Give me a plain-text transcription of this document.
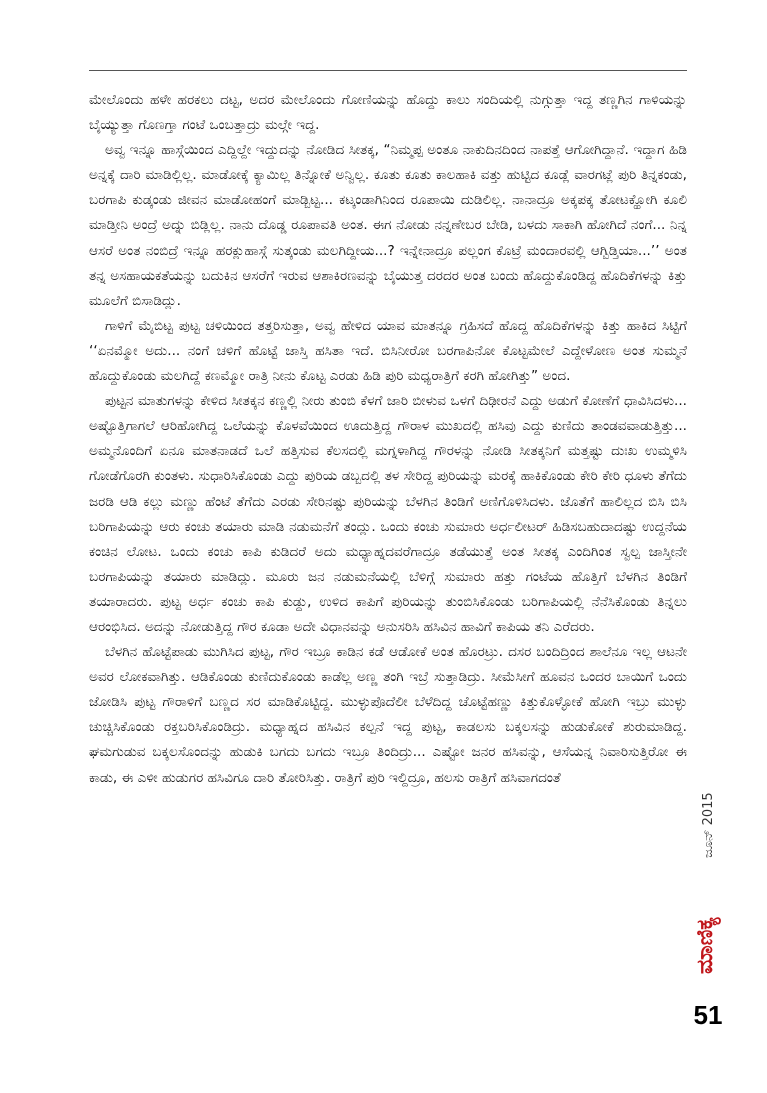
ಮೇಲೊಂದು ಹಳೇ ಹರಕಲು ದಟ್ಟ, ಅದರ ಮೇಲೊಂದು ಗೋಣಿಯನ್ನು ಹೊದ್ದು ಕಾಲು ಸಂದಿಯಲ್ಲಿ ನುಗ್ಗುತ್ತಾ ಇದ್ದ ತಣ್ಣಗಿನ ಗಾಳಿಯನ್ನು ಬೈಯ್ಯುತ್ತಾ ಗೊಣಗ್ತಾ ಗಂಟೆ ಒಂಬತ್ತಾದ್ರು ಮಲ್ಗೇ ಇದ್ದ.

ಅವ್ವ ಇನ್ನೂ ಹಾಸ್ಗೆಯಿಂದ ಎದ್ದಿಲ್ದೇ ಇದ್ದುದನ್ನು ನೋಡಿದ ಸೀತಕ್ಕ, “ನಿಮ್ಮಪ್ಪ ಅಂತೂ ನಾಕುದಿನದಿಂದ ನಾಪತ್ತೆ ಆಗೋಗಿದ್ದಾನೆ. ಇದ್ದಾಗ ಹಿಡಿ ಅನ್ನಕ್ಕೆ ದಾರಿ ಮಾಡಿಲ್ಲಿಲ್ಲ. ಮಾಡೋಕ್ಕೆ ಕ್ಯಾಮಿಲ್ಲ ತಿನ್ನೋಕೆ ಅನ್ವಿಲ್ಲ. ಕೂತು ಕೂತು ಕಾಲಹಾಕಿ ವತ್ತು ಹುಟ್ಟಿದ ಕೂಡ್ಲೆ ವಾರಗಟ್ಲೆ ಪುರಿ ತಿನ್ನಕಂಡು, ಬರಗಾಪಿ ಕುಡ್ಕಂಡು ಜೀವನ ಮಾಡೋಹಂಗೆ ಮಾಡ್ಬಿಟ್ಟ... ಕಟ್ಕಂಡಾಗಿನಿಂದ ರೂಪಾಯಿ ದುಡಿಲಿಲ್ಲ. ನಾನಾದ್ರೂ ಅಕ್ಕಪಕ್ಕ ತೋಟಕ್ಹೋಗಿ ಕೂಲಿ ಮಾಡ್ತೀನಿ ಅಂದ್ರೆ ಅದ್ನು ಬಿಡ್ಲಿಲ್ಲ. ನಾನು ದೊಡ್ಡ ರೂಪಾವತಿ ಅಂತ. ಈಗ ನೋಡು ನನ್ನಣೇಬರ ಬೇಡಿ, ಬಳದು ಸಾಕಾಗಿ ಹೋಗಿದೆ ನಂಗೆ... ನಿನ್ನ ಆಸರೆ ಅಂತ ನಂಬಿದ್ರೆ ಇನ್ನೂ ಹರಕ್ಲುಹಾಸ್ಗೆ ಸುತ್ಕಂಡು ಮಲಗಿದ್ದೀಯ...? ಇನ್ನೇನಾದ್ರೂ ಪಲ್ಲಂಗ ಕೊಟ್ರೆ ಮಂದಾರವಲ್ಲಿ ಆಗ್ಬಿಡ್ತಿಯಾ...’’ ಅಂತ ತನ್ನ ಅಸಹಾಯಕತೆಯನ್ನು ಬದುಕಿನ ಆಸರೆಗೆ ಇರುವ ಆಶಾಕಿರಣವನ್ನು ಬೈಯುತ್ತ ದರದರ ಅಂತ ಬಂದು ಹೊದ್ದುಕೊಂಡಿದ್ದ ಹೊದಿಕೆಗಳನ್ನು ಕಿತ್ತು ಮೂಲೆಗೆ ಬಿಸಾಡಿದ್ಲು.

ಗಾಳಿಗೆ ಮೈಬಿಟ್ಟ ಪುಟ್ಟ ಚಳಿಯಿಂದ ತತ್ತರಿಸುತ್ತಾ, ಅವ್ವ ಹೇಳಿದ ಯಾವ ಮಾತನ್ನೂ ಗ್ರಹಿಸದೆ ಹೊದ್ದ ಹೊದಿಕೆಗಳನ್ನು ಕಿತ್ತು ಹಾಕಿದ ಸಿಟ್ಟಿಗೆ ‘‘ಏನಮ್ಮೋ ಅದು... ನಂಗೆ ಚಳಿಗೆ ಹೊಟ್ಟೆ ಜಾಸ್ತಿ ಹಸಿತಾ ಇದೆ. ಬಿಸಿನೀರೋ ಬರಗಾಪಿನೋ ಕೊಟ್ಟಮೇಲೆ ಎದ್ದೇಳೋಣ ಅಂತ ಸುಮ್ಮನೆ ಹೊದ್ದುಕೊಂಡು ಮಲಗಿದ್ದೆ ಕಣಮ್ಮೋ ರಾತ್ರಿ ನೀನು ಕೊಟ್ಟ ಎರಡು ಹಿಡಿ ಪುರಿ ಮಧ್ಯರಾತ್ರಿಗೆ ಕರಗಿ ಹೋಗಿತ್ತು” ಅಂದ.

ಪುಟ್ಟನ ಮಾತುಗಳನ್ನು ಕೇಳಿದ ಸೀತಕ್ಕನ ಕಣ್ಣಲ್ಲಿ ನೀರು ತುಂಬಿ ಕೆಳಗೆ ಜಾರಿ ಬೀಳುವ ಒಳಗೆ ದಿಢೀರನೆ ಎದ್ದು ಅಡುಗೆ ಕೋಣೆಗೆ ಧಾವಿಸಿದಳು... ಅಷ್ಟೊತ್ತಿಗಾಗಲೆ ಆರಿಹೋಗಿದ್ದ ಒಲೆಯನ್ನು ಕೊಳವೆಯಿಂದ ಊದುತ್ತಿದ್ದ ಗೌರಾಳ ಮುಖದಲ್ಲಿ ಹಸಿವು ಎದ್ದು ಕುಣಿದು ತಾಂಡವವಾಡುತ್ತಿತ್ತು... ಅಮ್ಮನೊಂದಿಗೆ ಏನೂ ಮಾತನಾಡದೆ ಒಲೆ ಹತ್ತಿಸುವ ಕೆಲಸದಲ್ಲಿ ಮಗ್ನಳಾಗಿದ್ದ ಗೌರಳನ್ನು ನೋಡಿ ಸೀತಕ್ಕನಿಗೆ ಮತ್ತಷ್ಟು ದುಃಖ ಉಮ್ಮಳಿಸಿ ಗೋಡೆಗೊರಗಿ ಕುಂತಳು. ಸುಧಾರಿಸಿಕೊಂಡು ಎದ್ದು ಪುರಿಯ ಡಬ್ಬದಲ್ಲಿ ತಳ ಸೇರಿದ್ದ ಪುರಿಯನ್ನು ಮರಕ್ಕೆ ಹಾಕಿಕೊಂಡು ಕೇರಿ ಕೇರಿ ಧೂಳು ತೆಗೆದು ಜರಡಿ ಆಡಿ ಕಲ್ಲು ಮಣ್ಣು ಹೆಂಟೆ ತೆಗೆದು ಎರಡು ಸೇರಿನಷ್ಟು ಪುರಿಯನ್ನು ಬೆಳಗಿನ ತಿಂಡಿಗೆ ಅಣಿಗೊಳಿಸಿದಳು. ಜೊತೆಗೆ ಹಾಲಿಲ್ಲದ ಬಿಸಿ ಬಿಸಿ ಬರಿಗಾಪಿಯನ್ನು ಆರು ಕಂಚು ತಯಾರು ಮಾಡಿ ನಡುಮನೆಗೆ ತಂದ್ಲು. ಒಂದು ಕಂಚು ಸುಮಾರು ಅರ್ಧಲೀಟರ್ ಹಿಡಿಸಬಹುದಾದಷ್ಟು ಉದ್ದನೆಯ ಕಂಚಿನ ಲೋಟ. ಒಂದು ಕಂಚು ಕಾಪಿ ಕುಡಿದರೆ ಅದು ಮಧ್ಯಾಹ್ನದವರೆಗಾದ್ರೂ ತಡೆಯುತ್ತೆ ಅಂತ ಸೀತಕ್ಕ ಎಂದಿಗಿಂತ ಸ್ವಲ್ಪ ಜಾಸ್ತೀನೇ ಬರಗಾಪಿಯನ್ನು ತಯಾರು ಮಾಡಿದ್ಲು. ಮೂರು ಜನ ನಡುಮನೆಯಲ್ಲಿ ಬೆಳಿಗ್ಗೆ ಸುಮಾರು ಹತ್ತು ಗಂಟೆಯ ಹೊತ್ತಿಗೆ ಬೆಳಗಿನ ತಿಂಡಿಗೆ ತಯಾರಾದರು. ಪುಟ್ಟ ಅರ್ಧ ಕಂಚು ಕಾಪಿ ಕುಡ್ದು, ಉಳಿದ ಕಾಪಿಗೆ ಪುರಿಯನ್ನು ತುಂಬಿಸಿಕೊಂಡು ಬರಿಗಾಪಿಯಲ್ಲಿ ನೆನೆಸಿಕೊಂಡು ತಿನ್ನಲು ಆರಂಭಿಸಿದ. ಅದನ್ನು ನೋಡುತ್ತಿದ್ದ ಗೌರ ಕೂಡಾ ಅದೇ ವಿಧಾನವನ್ನು ಅನುಸರಿಸಿ ಹಸಿವಿನ ಹಾವಿಗೆ ಕಾಪಿಯ ತನಿ ಎರೆದರು.

ಬೆಳಗಿನ ಹೊಟ್ಟೆಪಾಡು ಮುಗಿಸಿದ ಪುಟ್ಟ, ಗೌರ ಇಬ್ರೂ ಕಾಡಿನ ಕಡೆ ಆಡೋಕೆ ಅಂತ ಹೊರಟ್ರು. ದಸರ ಬಂದಿದ್ರಿಂದ ಶಾಲೆನೂ ಇಲ್ಲ ಆಟನೇ ಅವರ ಲೋಕವಾಗಿತ್ತು. ಆಡಿಕೊಂಡು ಕುಣಿದುಕೊಂಡು ಕಾಡೆಲ್ಲ ಅಣ್ಣ ತಂಗಿ ಇಬ್ರೆ ಸುತ್ತಾಡಿದ್ರು. ಸೀಮೆಸೀಗೆ ಹೂವನ ಒಂದರ ಬಾಯಿಗೆ ಒಂದು ಜೋಡಿಸಿ ಪುಟ್ಟ ಗೌರಾಳಿಗೆ ಬಣ್ಣದ ಸರ ಮಾಡಿಕೊಟ್ಟಿದ್ದ. ಮುಳ್ಳುಪೊದೆಲೀ ಬೆಳೆದಿದ್ದ ಚೊಟ್ಟೆಹಣ್ಣು ಕಿತ್ತುಕೊಳ್ಳೋಕೆ ಹೋಗಿ ಇಬ್ರು ಮುಳ್ಳು ಚುಚ್ಚಿಸಿಕೊಂಡು ರಕ್ತಬರಿಸಿಕೊಂಡಿದ್ರು. ಮಧ್ಯಾಹ್ನದ ಹಸಿವಿನ ಕಲ್ಪನೆ ಇದ್ದ ಪುಟ್ಟ, ಕಾಡಲಸು ಬಕ್ಕಲಸನ್ನು ಹುಡುಕೋಕೆ ಶುರುಮಾಡಿದ್ದ. ಘಮಗುಡುವ ಬಕ್ಕಲಸೊಂದನ್ನು ಹುಡುಕಿ ಬಗದು ಬಗದು ಇಬ್ರೂ ತಿಂದಿದ್ರು... ಎಷ್ಟೋ ಜನರ ಹಸಿವನ್ನು, ಆಸೆಯನ್ನ ನಿವಾರಿಸುತ್ತಿರೋ ಈ ಕಾಡು, ಈ ಎಳೀ ಹುಡುಗರ ಹಸಿವಿಗೂ ದಾರಿ ತೋರಿಸಿತ್ತು. ರಾತ್ರಿಗೆ ಪುರಿ ಇಲ್ದಿದ್ರೂ, ಹಲಸು ರಾತ್ರಿಗೆ ಹಸಿವಾಗದಂತೆ

ಜೂನ್ 2015
ಮಾಣಿಕ್ಯ
51
